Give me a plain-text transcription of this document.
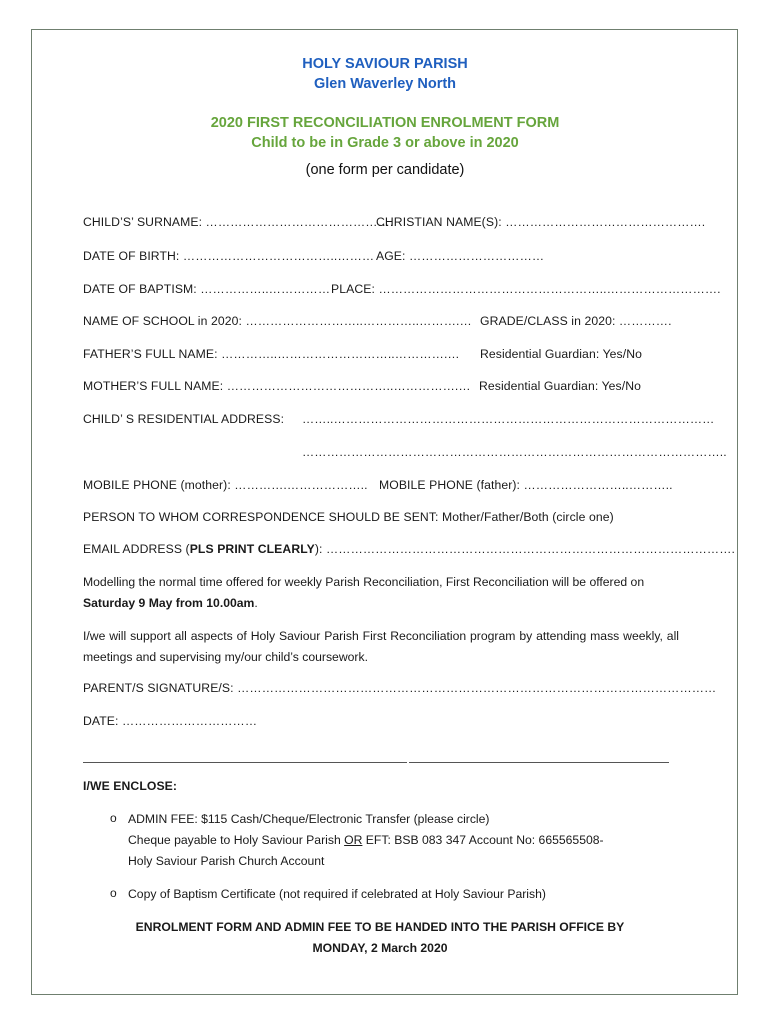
HOLY SAVIOUR PARISH
Glen Waverley North
2020 FIRST RECONCILIATION ENROLMENT FORM
Child to be in Grade 3 or above in 2020
(one form per candidate)
CHILD’S’ SURNAME: ……………………………………….
CHRISTIAN NAME(S): ………………………………………….
DATE OF BIRTH: ………………………………..……… AGE: ……………………………
DATE OF BAPTISM: ……………..…………… PLACE: ………………………………………………..……………………….
NAME OF SCHOOL in 2020: ………………………..…………..……….… GRADE/CLASS in 2020: ………….
FATHER’S FULL NAME: …………..………………………..………….… Residential Guardian: Yes/No
MOTHER’S FULL NAME: …………………………………..…………….… Residential Guardian: Yes/No
CHILD’ S RESIDENTIAL ADDRESS: ……..…………………………………………………………………………………
…………………………………………………………………………………………..
MOBILE PHONE (mother): ………….……………….. MOBILE PHONE (father): ……………………..………..
PERSON TO WHOM CORRESPONDENCE SHOULD BE SENT: Mother/Father/Both (circle one)
EMAIL ADDRESS (PLS PRINT CLEARLY): ……………………………………………………………………………………….
Modelling the normal time offered for weekly Parish Reconciliation, First Reconciliation will be offered on Saturday 9 May from 10.00am.
I/we will support all aspects of Holy Saviour Parish First Reconciliation program by attending mass weekly, all meetings and supervising my/our child’s coursework.
PARENT/S SIGNATURE/S: ………………………………………………………………………………………………………
DATE: ……………………………
I/WE ENCLOSE:
o ADMIN FEE: $115 Cash/Cheque/Electronic Transfer (please circle)
Cheque payable to Holy Saviour Parish OR EFT: BSB 083 347 Account No: 665565508-
Holy Saviour Parish Church Account
o Copy of Baptism Certificate (not required if celebrated at Holy Saviour Parish)
ENROLMENT FORM AND ADMIN FEE TO BE HANDED INTO THE PARISH OFFICE BY
MONDAY, 2 March 2020
